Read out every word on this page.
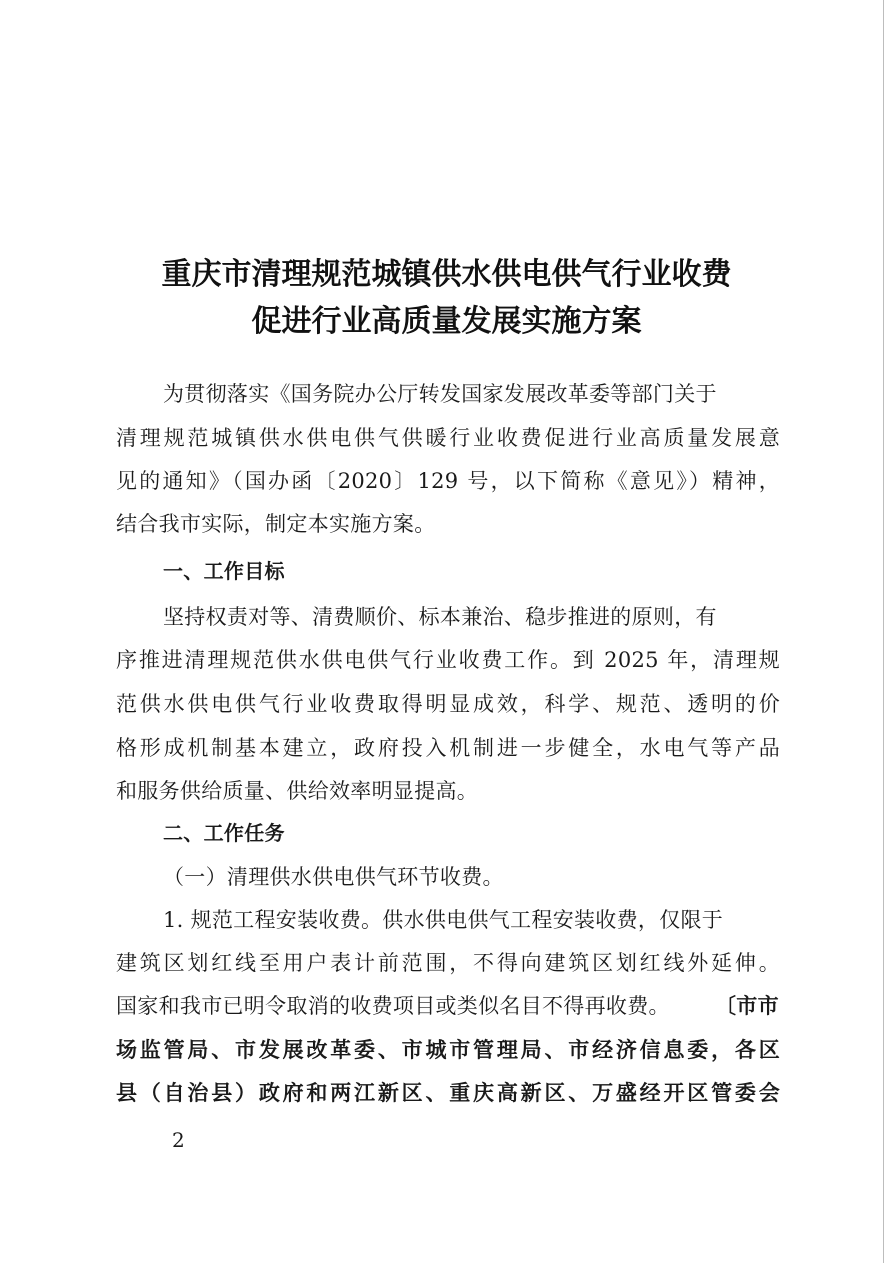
重庆市清理规范城镇供水供电供气行业收费
促进行业高质量发展实施方案
为贯彻落实《国务院办公厅转发国家发展改革委等部门关于
清理规范城镇供水供电供气供暖行业收费促进行业高质量发展意
见的通知》（国办函〔2020〕129 号，以下简称《意见》）精神，
结合我市实际，制定本实施方案。
一、工作目标
坚持权责对等、清费顺价、标本兼治、稳步推进的原则，有
序推进清理规范供水供电供气行业收费工作。到 2025 年，清理规
范供水供电供气行业收费取得明显成效，科学、规范、透明的价
格形成机制基本建立，政府投入机制进一步健全，水电气等产品
和服务供给质量、供给效率明显提高。
二、工作任务
（一）清理供水供电供气环节收费。
1. 规范工程安装收费。供水供电供气工程安装收费，仅限于
建筑区划红线至用户表计前范围，不得向建筑区划红线外延伸。
国家和我市已明令取消的收费项目或类似名目不得再收费。 〔市市
场监管局、市发展改革委、市城市管理局、市经济信息委，各区
县（自治县）政府和两江新区、重庆高新区、万盛经开区管委会
2
